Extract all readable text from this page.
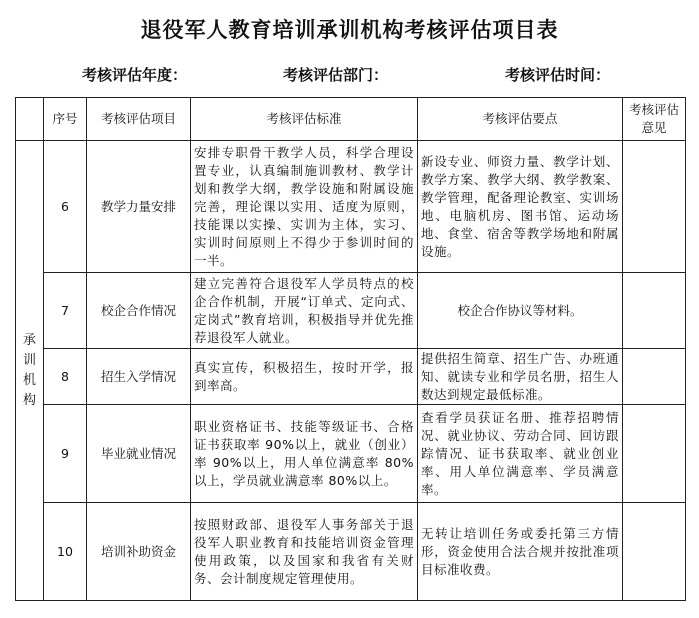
退役军人教育培训承训机构考核评估项目表
考核评估年度：	考核评估部门：	考核评估时间：
	序号	考核评估项目	考核评估标准	考核评估要点	考核评估意见
承训机构	6	教学力量安排	安排专职骨干教学人员，科学合理设置专业，认真编制施训教材、教学计划和教学大纲，教学设施和附属设施完善，理论课以实用、适度为原则，技能课以实操、实训为主体，实习、实训时间原则上不得少于参训时间的一半。	新设专业、师资力量、教学计划、教学方案、教学大纲、教学教案、教学管理，配备理论教室、实训场地、电脑机房、图书馆、运动场地、食堂、宿舍等教学场地和附属设施。	
	7	校企合作情况	建立完善符合退役军人学员特点的校企合作机制，开展“订单式、定向式、定岗式”教育培训，积极指导并优先推荐退役军人就业。	校企合作协议等材料。	
	8	招生入学情况	真实宣传，积极招生，按时开学，报到率高。	提供招生简章、招生广告、办班通知、就读专业和学员名册，招生人数达到规定最低标准。	
	9	毕业就业情况	职业资格证书、技能等级证书、合格证书获取率 90%以上，就业（创业）率 90%以上，用人单位满意率 80%以上，学员就业满意率 80%以上。	查看学员获证名册、推荐招聘情况、就业协议、劳动合同、回访跟踪情况、证书获取率、就业创业率、用人单位满意率、学员满意率。	
	10	培训补助资金	按照财政部、退役军人事务部关于退役军人职业教育和技能培训资金管理使用政策，以及国家和我省有关财务、会计制度规定管理使用。	无转让培训任务或委托第三方情形，资金使用合法合规并按批准项目标准收费。	
